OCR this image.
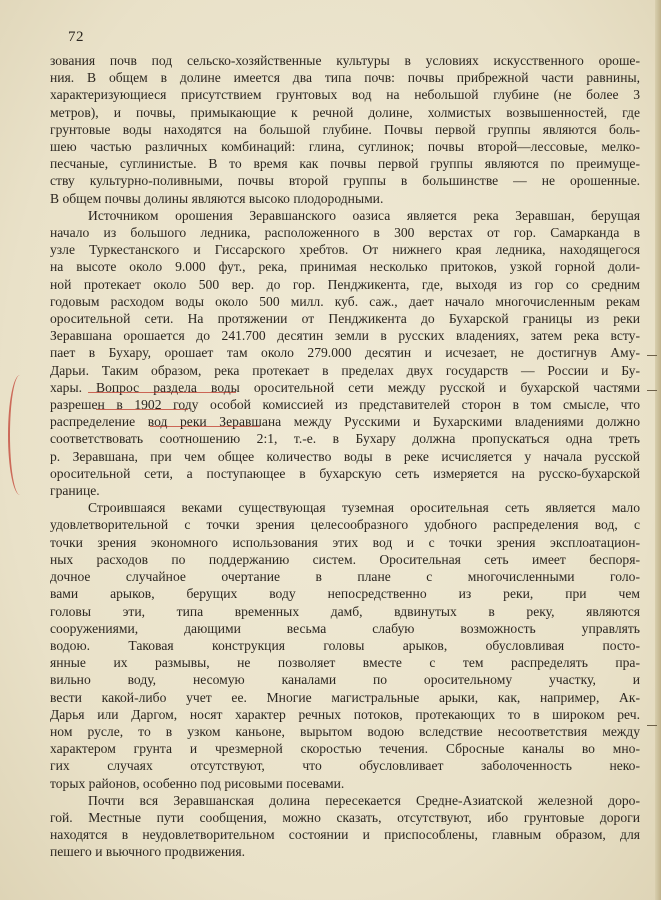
72
зования почв под сельско-хозяйственные культуры в условиях искусственного ороше-
ния. В общем в долине имеется два типа почв: почвы прибрежной части равнины,
характеризующиеся присутствием грунтовых вод на небольшой глубине (не более 3
метров), и почвы, примыкающие к речной долине, холмистых возвышенностей, где
грунтовые воды находятся на большой глубине. Почвы первой группы являются боль-
шею частью различных комбинаций: глина, суглинок; почвы второй—лессовые, мелко-
песчаные, суглинистые. В то время как почвы первой группы являются по преимуще-
ству культурно-поливными, почвы второй группы в большинстве — не орошенные.
В общем почвы долины являются высоко плодородными.
Источником орошения Зеравшанского оазиса является река Зеравшан, берущая
начало из большого ледника, расположенного в 300 верстах от гор. Самарканда в
узле Туркестанского и Гиссарского хребтов. От нижнего края ледника, находящегося
на высоте около 9.000 фут., река, принимая несколько притоков, узкой горной доли-
ной протекает около 500 вер. до гор. Пенджикента, где, выходя из гор со средним
годовым расходом воды около 500 милл. куб. саж., дает начало многочисленным рекам
оросительной сети. На протяжении от Пенджикента до Бухарской границы из реки
Зеравшана орошается до 241.700 десятин земли в русских владениях, затем река всту-
пает в Бухару, орошает там около 279.000 десятин и исчезает, не достигнув Аму-
Дарьи. Таким образом, река протекает в пределах двух государств — России и Бу-
хары. Вопрос раздела воды оросительной сети между русской и бухарской частями
разрешен в 1902 году особой комиссией из представителей сторон в том смысле, что
распределение вод реки Зеравшана между Русскими и Бухарскими владениями должно
соответствовать соотношению 2:1, т.-е. в Бухару должна пропускаться одна треть
р. Зеравшана, при чем общее количество воды в реке исчисляется у начала русской
оросительной сети, а поступающее в бухарскую сеть измеряется на русско-бухарской
границе.
Строившаяся веками существующая туземная оросительная сеть является мало
удовлетворительной с точки зрения целесообразного удобного распределения вод, с
точки зрения экономного использования этих вод и с точки зрения эксплоатацион-
ных расходов по поддержанию систем. Оросительная сеть имеет беспоря-
дочное случайное очертание в плане с многочисленными голо-
вами арыков, берущих воду непосредственно из реки, при чем
головы эти, типа временных дамб, вдвинутых в реку, являются
сооружениями, дающими весьма слабую возможность управлять
водою. Таковая конструкция головы арыков, обусловливая посто-
янные их размывы, не позволяет вместе с тем распределять пра-
вильно воду, несомую каналами по оросительному участку, и
вести какой-либо учет ее. Многие магистральные арыки, как, например, Ак-
Дарья или Даргом, носят характер речных потоков, протекающих то в широком реч.
ном русле, то в узком каньоне, вырытом водою вследствие несоответствия между
характером грунта и чрезмерной скоростью течения. Сбросные каналы во мно-
гих случаях отсутствуют, что обусловливает заболоченность неко-
торых районов, особенно под рисовыми посевами.
Почти вся Зеравшанская долина пересекается Средне-Азиатской железной доро-
гой. Местные пути сообщения, можно сказать, отсутствуют, ибо грунтовые дороги
находятся в неудовлетворительном состоянии и приспособлены, главным образом, для
пешего и вьючного продвижения.
